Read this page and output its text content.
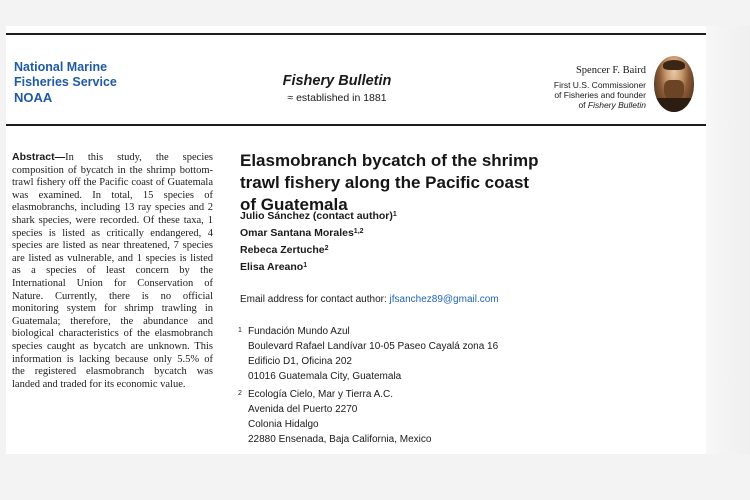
National Marine
Fisheries Service
NOAA
Fishery Bulletin
≈ established in 1881
Spencer F. Baird
First U.S. Commissioner
of Fisheries and founder
of Fishery Bulletin
Abstract—In this study, the species composition of bycatch in the shrimp bottom-trawl fishery off the Pacific coast of Guatemala was examined. In total, 15 species of elasmobranchs, including 13 ray species and 2 shark species, were recorded. Of these taxa, 1 species is listed as critically endangered, 4 species are listed as near threatened, 7 species are listed as vulnerable, and 1 species is listed as a species of least concern by the International Union for Conservation of Nature. Currently, there is no official monitoring system for shrimp trawling in Guatemala; therefore, the abundance and biological characteristics of the elasmobranch species caught as bycatch are unknown. This information is lacking because only 5.5% of the registered elasmobranch bycatch was landed and traded for its economic value.
Elasmobranch bycatch of the shrimp trawl fishery along the Pacific coast of Guatemala
Julio Sánchez (contact author)$^1$
Omar Santana Morales$^{1,2}$
Rebeca Zertuche$^2$
Elisa Areano$^1$
Email address for contact author: jfsanchez89@gmail.com
$^1$ Fundación Mundo Azul
Boulevard Rafael Landívar 10-05 Paseo Cayalá zona 16
Edificio D1, Oficina 202
01016 Guatemala City, Guatemala
$^2$ Ecología Cielo, Mar y Tierra A.C.
Avenida del Puerto 2270
Colonia Hidalgo
22880 Ensenada, Baja California, Mexico
